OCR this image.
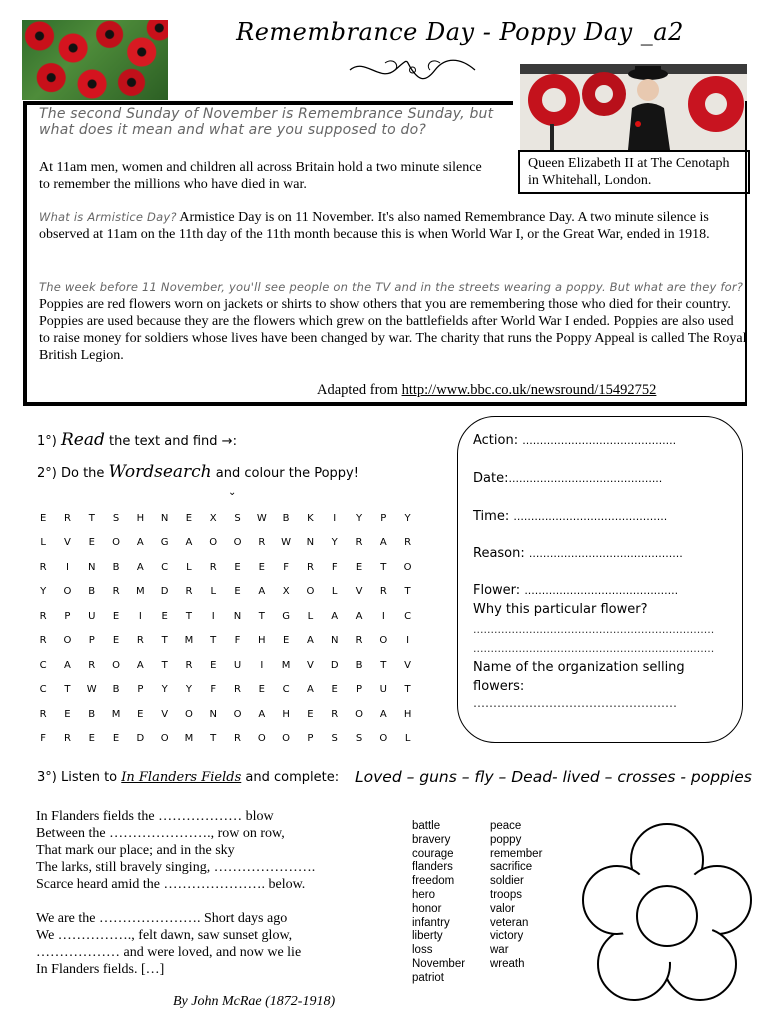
Remembrance Day - Poppy Day _a2
Queen Elizabeth II at The Cenotaph in Whitehall, London.
The second Sunday of November is Remembrance Sunday, but what does it mean and what are you supposed to do?
At 11am men, women and children all across Britain hold a two minute silence to remember the millions who have died in war.
What is Armistice Day? Armistice Day is on 11 November. It's also named Remembrance Day. A two minute silence is observed at 11am on the 11th day of the 11th month because this is when World War I, or the Great War, ended in 1918.
The week before 11 November, you'll see people on the TV and in the streets wearing a poppy. But what are they for? Poppies are red flowers worn on jackets or shirts to show others that you are remembering those who died for their country. Poppies are used because they are the flowers which grew on the battlefields after World War I ended. Poppies are also used to raise money for soldiers whose lives have been changed by war. The charity that runs the Poppy Appeal is called The Royal British Legion.
Adapted from http://www.bbc.co.uk/newsround/15492752
1°) Read the text and find →:
2°) Do the Wordsearch and colour the Poppy!
⌄
E	R	T	S	H	N	E	X	S	W	B	K	I	Y	P	Y
L	V	E	O	A	G	A	O	O	R	W	N	Y	R	A	R
R	I	N	B	A	C	L	R	E	E	F	R	F	E	T	O
Y	O	B	R	M	D	R	L	E	A	X	O	L	V	R	T
R	P	U	E	I	E	T	I	N	T	G	L	A	A	I	C
R	O	P	E	R	T	M	T	F	H	E	A	N	R	O	I
C	A	R	O	A	T	R	E	U	I	M	V	D	B	T	V
C	T	W	B	P	Y	Y	F	R	E	C	A	E	P	U	T
R	E	B	M	E	V	O	N	O	A	H	E	R	O	A	H
F	R	E	E	D	O	M	T	R	O	O	P	S	S	O	L
Action: ............................................
Date:............................................
Time: ............................................
Reason: ............................................
Flower: ............................................
Why this particular flower?
.....................................................................
.....................................................................
Name of the organization selling flowers:
……………………………………………
3°) Listen to In Flanders Fields and complete: Loved – guns – fly – Dead- lived – crosses - poppies
In Flanders fields the ……………… blow
Between the …………………., row on row,
That mark our place; and in the sky
The larks, still bravely singing, ………………….
Scarce heard amid the …………………. below.
We are the …………………. Short days ago
We ……………., felt dawn, saw sunset glow,
……………… and were loved, and now we lie
In Flanders fields. […]
By John McRae (1872-1918)
battle
bravery
courage
flanders
freedom
hero
honor
infantry
liberty
loss
November
patriot
peace
poppy
remember
sacrifice
soldier
troops
valor
veteran
victory
war
wreath
